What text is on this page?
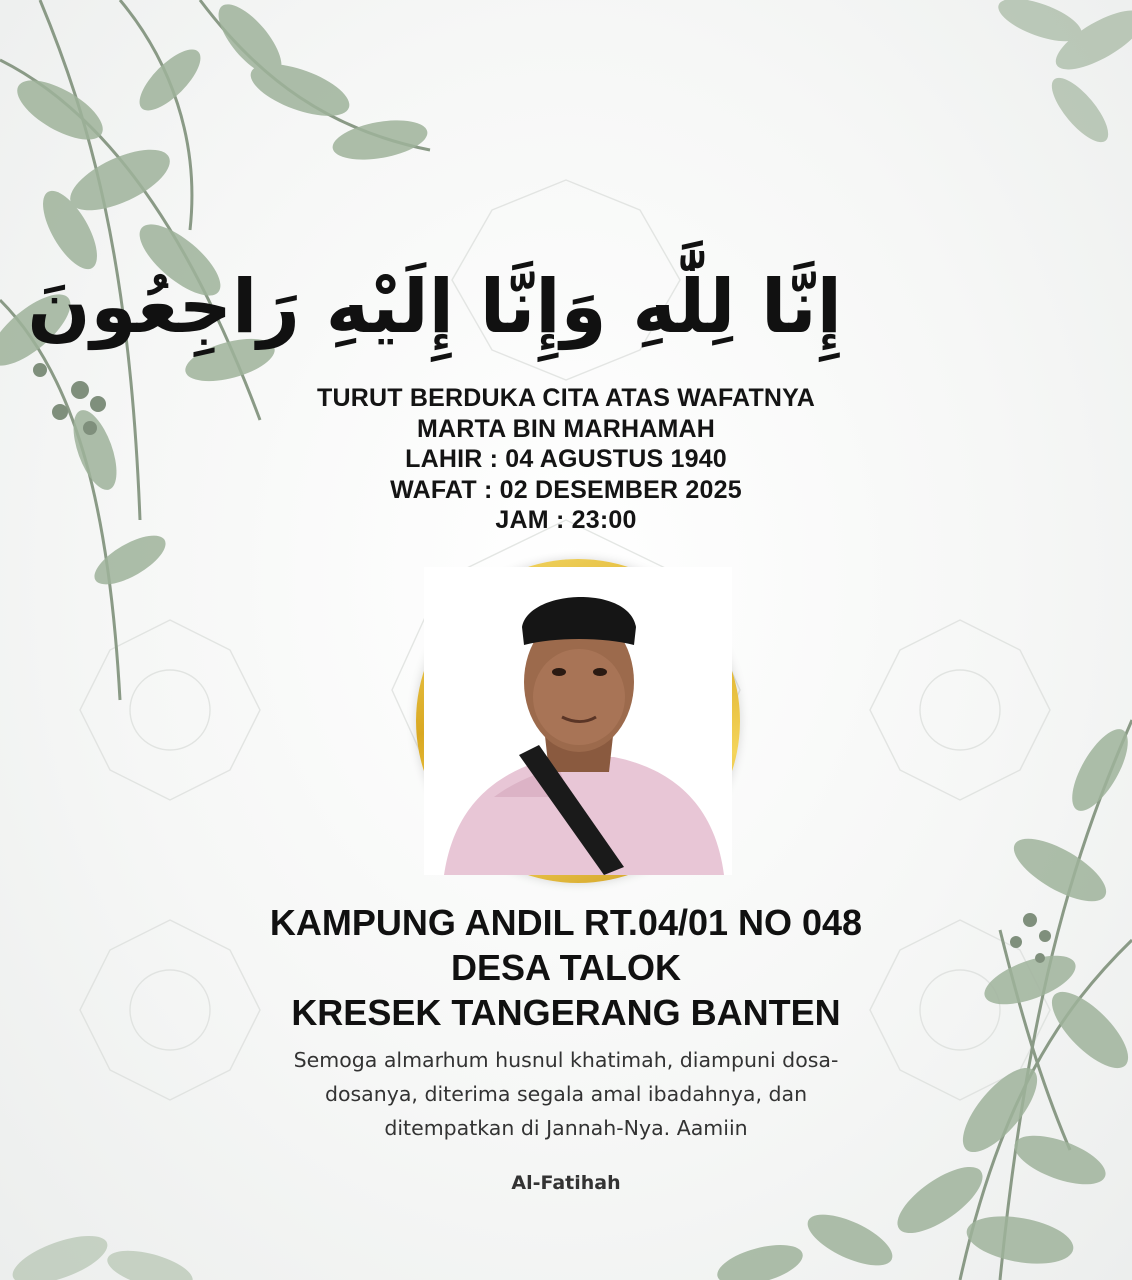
إِنَّا لِلَّٰهِ وَإِنَّا إِلَيْهِ رَاجِعُونَ
TURUT BERDUKA CITA ATAS WAFATNYA
MARTA BIN MARHAMAH
LAHIR : 04 AGUSTUS 1940
WAFAT : 02 DESEMBER 2025
JAM : 23:00
KAMPUNG ANDIL RT.04/01 NO 048
DESA TALOK
KRESEK TANGERANG BANTEN
Semoga almarhum husnul khatimah, diampuni dosa-
dosanya, diterima segala amal ibadahnya, dan
ditempatkan di Jannah-Nya. Aamiin
Al-Fatihah
